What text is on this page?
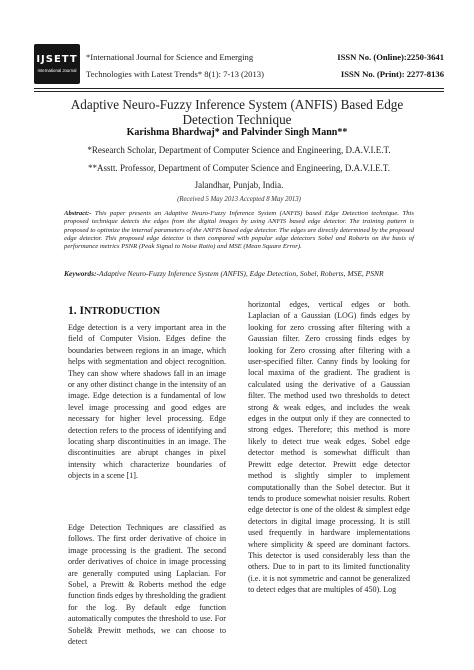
IJSETT
International Journal
*International Journal for Science and Emerging
Technologies with Latest Trends* 8(1): 7-13 (2013)
ISSN No. (Online):2250-3641
ISSN No. (Print): 2277-8136
Adaptive Neuro-Fuzzy Inference System (ANFIS) Based Edge
Detection Technique
Karishma Bhardwaj* and Palvinder Singh Mann**
*Research Scholar, Department of Computer Science and Engineering, D.A.V.I.E.T.
**Asstt. Professor, Department of Computer Science and Engineering, D.A.V.I.E.T.
Jalandhar, Punjab, India.
(Received 5 May 2013 Accepted 8 May 2013)
Abstract:- This paper presents an Adaptive Neuro-Fuzzy Inference System (ANFIS) based Edge Detection technique. This proposed technique detects the edges from the digital images by using ANFIS based edge detector. The training pattern is proposed to optimize the internal parameters of the ANFIS based edge detector. The edges are directly determined by the proposed edge detector. This proposed edge detector is then compared with popular edge detectors Sobel and Roberts on the basis of performance metrics PSNR (Peak Signal to Noise Ratio) and MSE (Mean Square Error).
Keywords:-Adaptive Neuro-Fuzzy Inference System (ANFIS), Edge Detection, Sobel, Roberts, MSE, PSNR
1. INTRODUCTION
Edge detection is a very important area in the field of Computer Vision. Edges define the boundaries between regions in an image, which helps with segmentation and object recognition. They can show where shadows fall in an image or any other distinct change in the intensity of an image. Edge detection is a fundamental of low level image processing and good edges are necessary for higher level processing. Edge detection refers to the process of identifying and locating sharp discontinuities in an image. The discontinuities are abrupt changes in pixel intensity which characterize boundaries of objects in a scene [1].
Edge Detection Techniques are classified as follows. The first order derivative of choice in image processing is the gradient. The second order derivatives of choice in image processing are generally computed using Laplacian. For Sobel, a Prewitt & Roberts method the edge function finds edges by thresholding the gradient for the log. By default edge function automatically computes the threshold to use. For Sobel& Prewitt methods, we can choose to detect
horizontal edges, vertical edges or both. Laplacian of a Gaussian (LOG) finds edges by looking for zero crossing after filtering with a Gaussian filter. Zero crossing finds edges by looking for Zero crossing after filtering with a user-specified filter. Canny finds by looking for local maxima of the gradient. The gradient is calculated using the derivative of a Gaussian filter. The method used two thresholds to detect strong & weak edges, and includes the weak edges in the output only if they are connected to strong edges. Therefore; this method is more likely to detect true weak edges. Sobel edge detector method is somewhat difficult than Prewitt edge detector. Prewitt edge detector method is slightly simpler to implement computationally than the Sobel detector. But it tends to produce somewhat noisier results. Robert edge detector is one of the oldest & simplest edge detectors in digital image processing. It is still used frequently in hardware implementations where simplicity & speed are dominant factors. This detector is used considerably less than the others. Due to in part to its limited functionality (i.e. it is not symmetric and cannot be generalized to detect edges that are multiples of 450). Log
